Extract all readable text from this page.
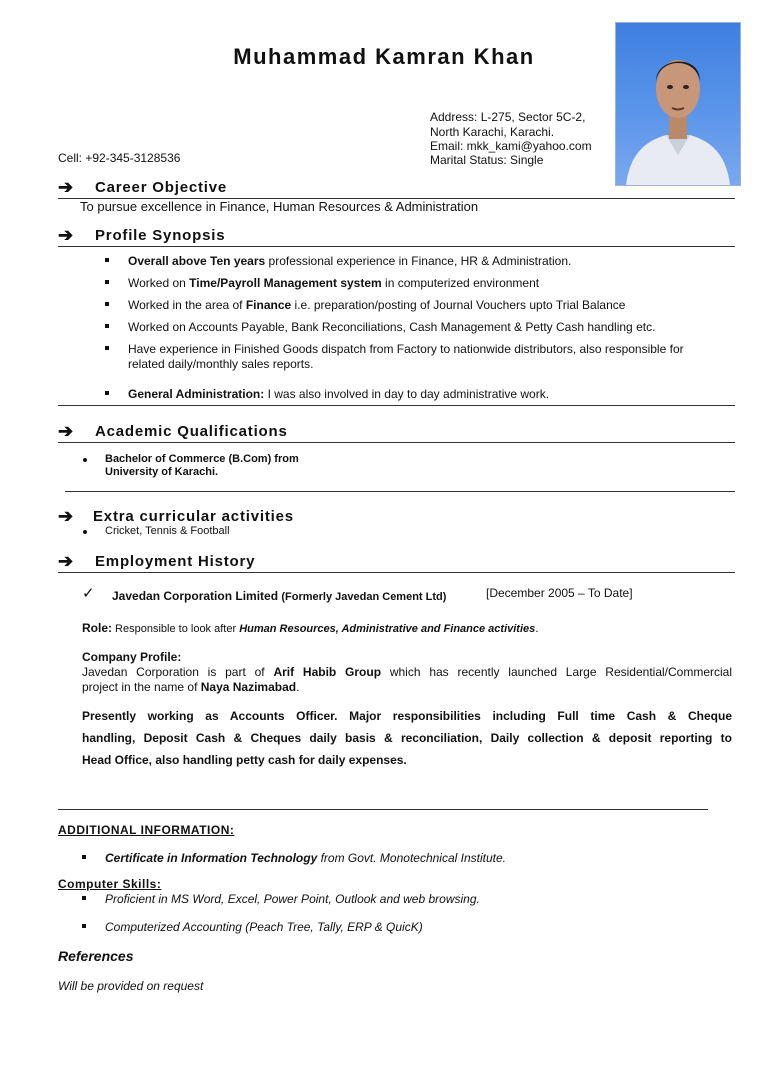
Muhammad Kamran Khan
Address: L-275, Sector 5C-2,
North Karachi, Karachi.
Email: mkk_kami@yahoo.com
Marital Status: Single
Cell: +92-345-3128536
➔ Career Objective
To pursue excellence in Finance, Human Resources & Administration
➔ Profile Synopsis
Overall above Ten years professional experience in Finance, HR & Administration.
Worked on Time/Payroll Management system in computerized environment
Worked in the area of Finance i.e. preparation/posting of Journal Vouchers upto Trial Balance
Worked on Accounts Payable, Bank Reconciliations, Cash Management & Petty Cash handling etc.
Have experience in Finished Goods dispatch from Factory to nationwide distributors, also responsible for
related daily/monthly sales reports.
General Administration: I was also involved in day to day administrative work.
➔ Academic Qualifications
Bachelor of Commerce (B.Com) from
University of Karachi.
➔ Extra curricular activities
Cricket, Tennis & Football
➔ Employment History
✓ Javedan Corporation Limited (Formerly Javedan Cement Ltd)	[December 2005 – To Date]
Role: Responsible to look after Human Resources, Administrative and Finance activities.
Company Profile:
Javedan Corporation is part of Arif Habib Group which has recently launched Large Residential/Commercial
project in the name of Naya Nazimabad.
Presently working as Accounts Officer. Major responsibilities including Full time Cash & Cheque
handling, Deposit Cash & Cheques daily basis & reconciliation, Daily collection & deposit reporting to
Head Office, also handling petty cash for daily expenses.
ADDITIONAL INFORMATION:
Certificate in Information Technology from Govt. Monotechnical Institute.
Computer Skills:
Proficient in MS Word, Excel, Power Point, Outlook and web browsing.
Computerized Accounting (Peach Tree, Tally, ERP & QuicK)
References
Will be provided on request
